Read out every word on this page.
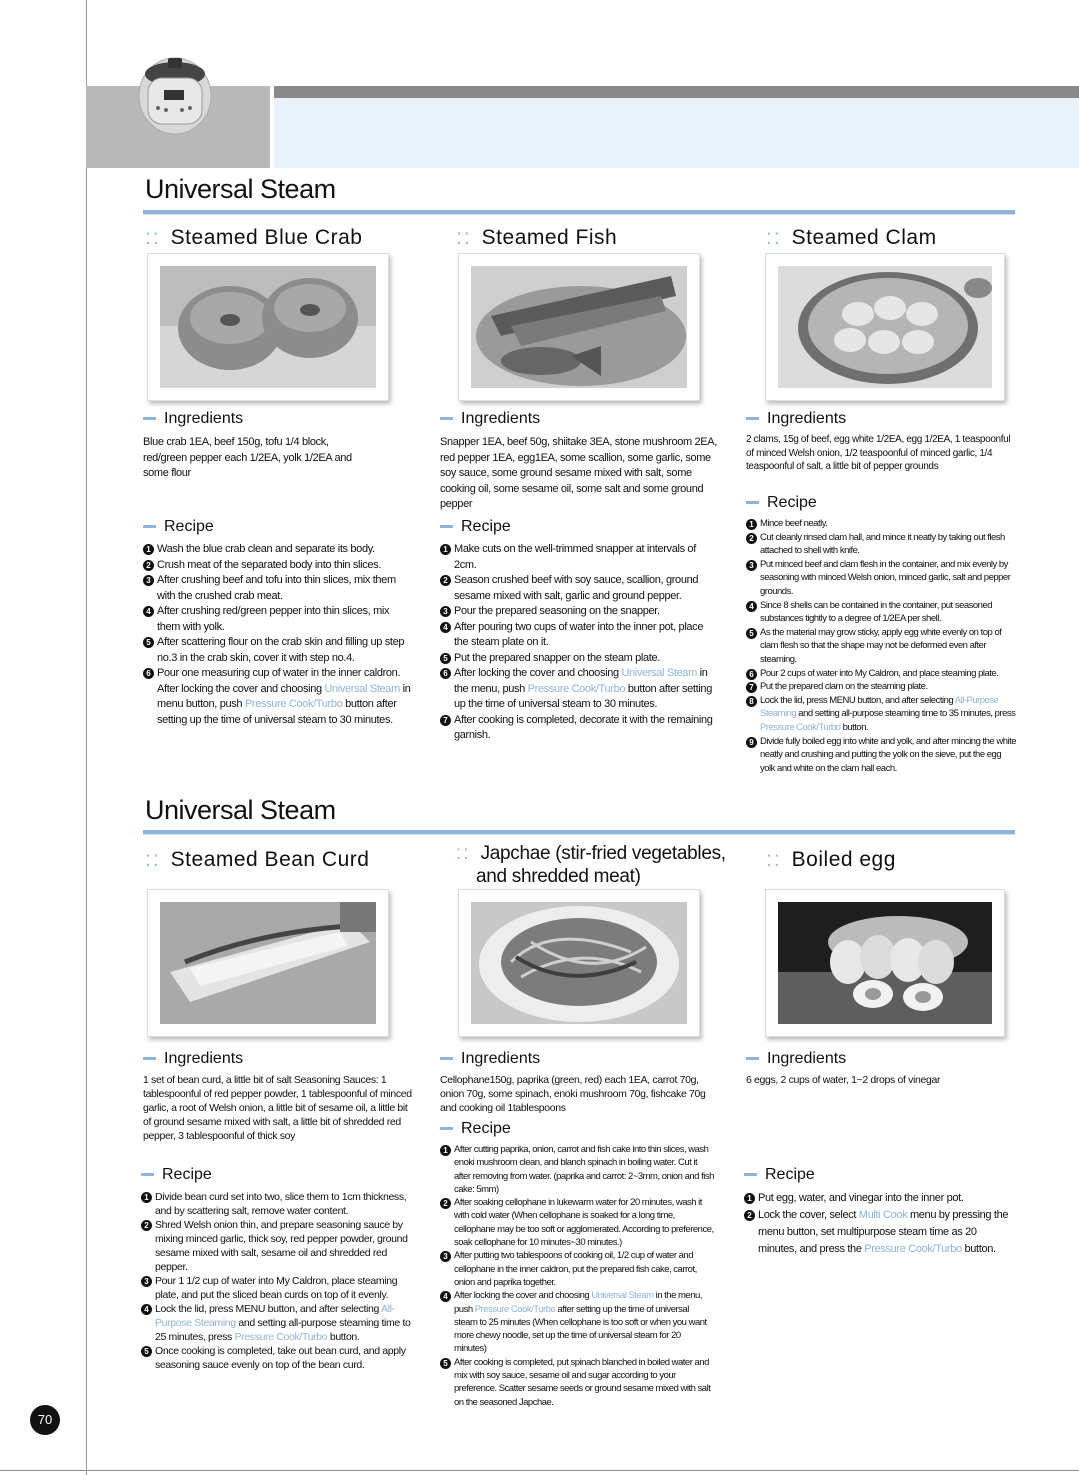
Universal Steam
:: Steamed Blue Crab
Ingredients
Blue crab 1EA, beef 150g, tofu 1/4 block, red/green pepper each 1/2EA, yolk 1/2EA and some flour
Recipe
1 Wash the blue crab clean and separate its body.
2 Crush meat of the separated body into thin slices.
3 After crushing beef and tofu into thin slices, mix them with the crushed crab meat.
4 After crushing red/green pepper into thin slices, mix them with yolk.
5 After scattering flour on the crab skin and filling up step no.3 in the crab skin, cover it with step no.4.
6 Pour one measuring cup of water in the inner caldron. After locking the cover and choosing Universal Steam in menu button, push Pressure Cook/Turbo button after setting up the time of universal steam to 30 minutes.
:: Steamed Fish
Ingredients
Snapper 1EA, beef 50g, shiitake 3EA, stone mushroom 2EA, red pepper 1EA, egg1EA, some scallion, some garlic, some soy sauce, some ground sesame mixed with salt, some cooking oil, some sesame oil, some salt and some ground pepper
Recipe
1 Make cuts on the well-trimmed snapper at intervals of 2cm.
2 Season crushed beef with soy sauce, scallion, ground sesame mixed with salt, garlic and ground pepper.
3 Pour the prepared seasoning on the snapper.
4 After pouring two cups of water into the inner pot, place the steam plate on it.
5 Put the prepared snapper on the steam plate.
6 After locking the cover and choosing Universal Steam in the menu, push Pressure Cook/Turbo button after setting up the time of universal steam to 30 minutes.
7 After cooking is completed, decorate it with the remaining garnish.
:: Steamed Clam
Ingredients
2 clams, 15g of beef, egg white 1/2EA, egg 1/2EA, 1 teaspoonful of minced Welsh onion, 1/2 teaspoonful of minced garlic, 1/4 teaspoonful of salt, a little bit of pepper grounds
Recipe
1 Mince beef neatly.
2 Cut cleanly rinsed clam hall, and mince it neatly by taking out flesh attached to shell with knife.
3 Put minced beef and clam flesh in the container, and mix evenly by seasoning with minced Welsh onion, minced garlic, salt and pepper grounds.
4 Since 8 shells can be contained in the container, put seasoned substances tightly to a degree of 1/2EA per shell.
5 As the material may grow sticky, apply egg white evenly on top of clam flesh so that the shape may not be deformed even after steaming.
6 Pour 2 cups of water into My Caldron, and place steaming plate.
7 Put the prepared clam on the steaming plate.
8 Lock the lid, press MENU button, and after selecting All-Purpose Steaming and setting all-purpose steaming time to 35 minutes, press Pressure Cook/Turbo button.
9 Divide fully boiled egg into white and yolk, and after mincing the white neatly and crushing and putting the yolk on the sieve, put the egg yolk and white on the clam hall each.
Universal Steam
:: Steamed Bean Curd
Ingredients
1 set of bean curd, a little bit of salt Seasoning Sauces: 1 tablespoonful of red pepper powder, 1 tablespoonful of minced garlic, a root of Welsh onion, a little bit of sesame oil, a little bit of ground sesame mixed with salt, a little bit of shredded red pepper, 3 tablespoonful of thick soy
Recipe
1 Divide bean curd set into two, slice them to 1cm thickness, and by scattering salt, remove water content.
2 Shred Welsh onion thin, and prepare seasoning sauce by mixing minced garlic, thick soy, red pepper powder, ground sesame mixed with salt, sesame oil and shredded red pepper.
3 Pour 1 1/2 cup of water into My Caldron, place steaming plate, and put the sliced bean curds on top of it evenly.
4 Lock the lid, press MENU button, and after selecting All-Purpose Steaming and setting all-purpose steaming time to 25 minutes, press Pressure Cook/Turbo button.
5 Once cooking is completed, take out bean curd, and apply seasoning sauce evenly on top of the bean curd.
:: Japchae (stir-fried vegetables,
and shredded meat)
Ingredients
Cellophane150g, paprika (green, red) each 1EA, carrot 70g, onion 70g, some spinach, enoki mushroom 70g, fishcake 70g and cooking oil 1tablespoons
Recipe
1 After cutting paprika, onion, carrot and fish cake into thin slices, wash enoki mushroom clean, and blanch spinach in boiling water. Cut it after removing from water. (paprika and carrot: 2~3mm, onion and fish cake: 5mm)
2 After soaking cellophane in lukewarm water for 20 minutes, wash it with cold water (When cellophane is soaked for a long time, cellophane may be too soft or agglomerated. According to preference, soak cellophane for 10 minutes~30 minutes.)
3 After putting two tablespoons of cooking oil, 1/2 cup of water and cellophane in the inner caldron, put the prepared fish cake, carrot, onion and paprika together.
4 After locking the cover and choosing Universal Steam in the menu, push Pressure Cook/Turbo after setting up the time of universal steam to 25 minutes (When cellophane is too soft or when you want more chewy noodle, set up the time of universal steam for 20 minutes)
5 After cooking is completed, put spinach blanched in boiled water and mix with soy sauce, sesame oil and sugar according to your preference. Scatter sesame seeds or ground sesame mixed with salt on the seasoned Japchae.
:: Boiled egg
Ingredients
6 eggs, 2 cups of water, 1~2 drops of vinegar
Recipe
1 Put egg, water, and vinegar into the inner pot.
2 Lock the cover, select Multi Cook menu by pressing the menu button, set multipurpose steam time as 20 minutes, and press the Pressure Cook/Turbo button.
70
